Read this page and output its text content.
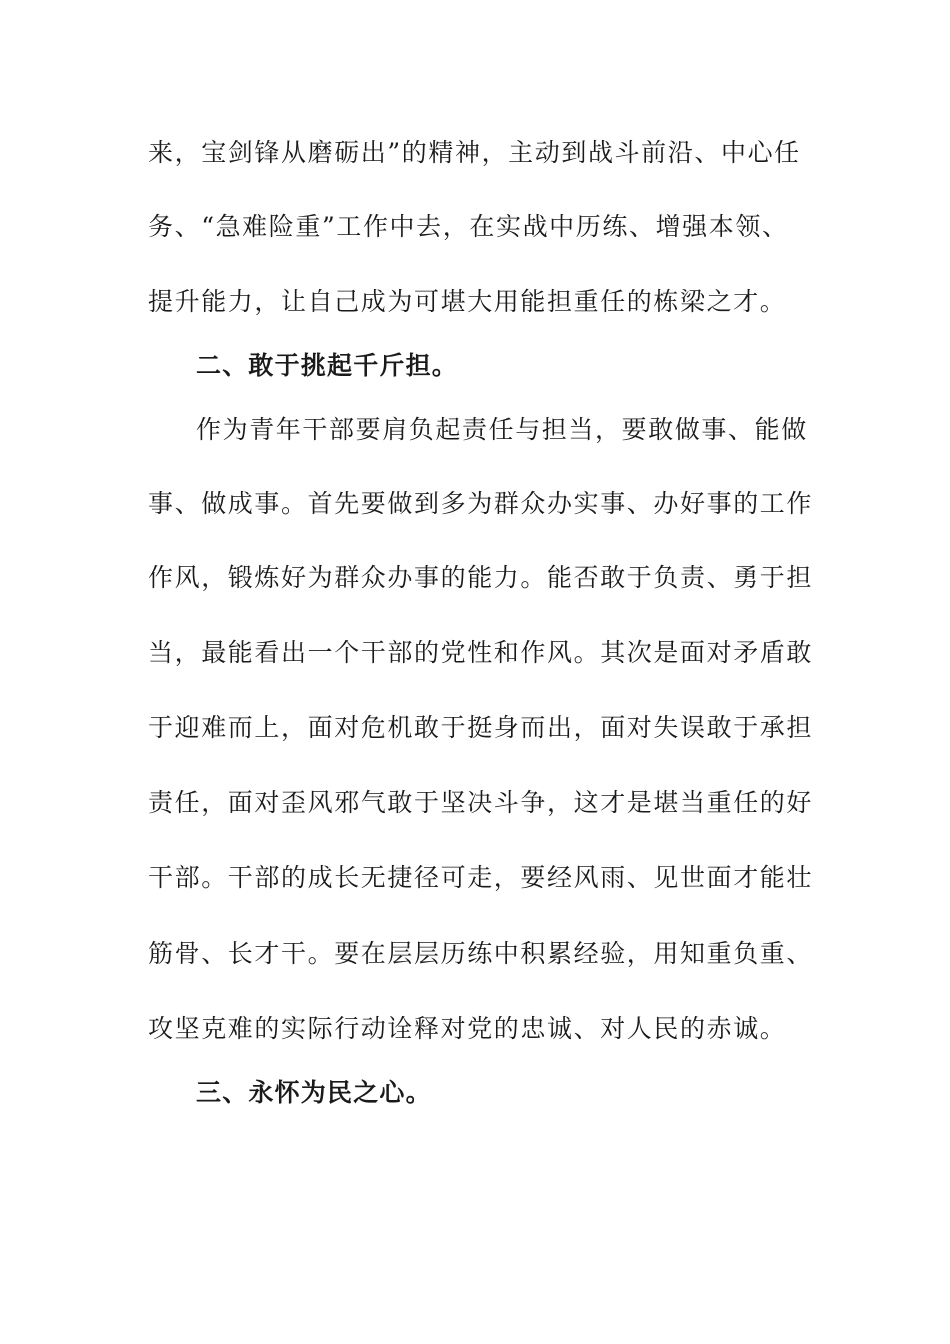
来，宝剑锋从磨砺出”的精神，主动到战斗前沿、中心任
务、“急难险重”工作中去，在实战中历练、增强本领、
提升能力，让自己成为可堪大用能担重任的栋梁之才。
二、敢于挑起千斤担。
作为青年干部要肩负起责任与担当，要敢做事、能做
事、做成事。首先要做到多为群众办实事、办好事的工作
作风，锻炼好为群众办事的能力。能否敢于负责、勇于担
当，最能看出一个干部的党性和作风。其次是面对矛盾敢
于迎难而上，面对危机敢于挺身而出，面对失误敢于承担
责任，面对歪风邪气敢于坚决斗争，这才是堪当重任的好
干部。干部的成长无捷径可走，要经风雨、见世面才能壮
筋骨、长才干。要在层层历练中积累经验，用知重负重、
攻坚克难的实际行动诠释对党的忠诚、对人民的赤诚。
三、永怀为民之心。
